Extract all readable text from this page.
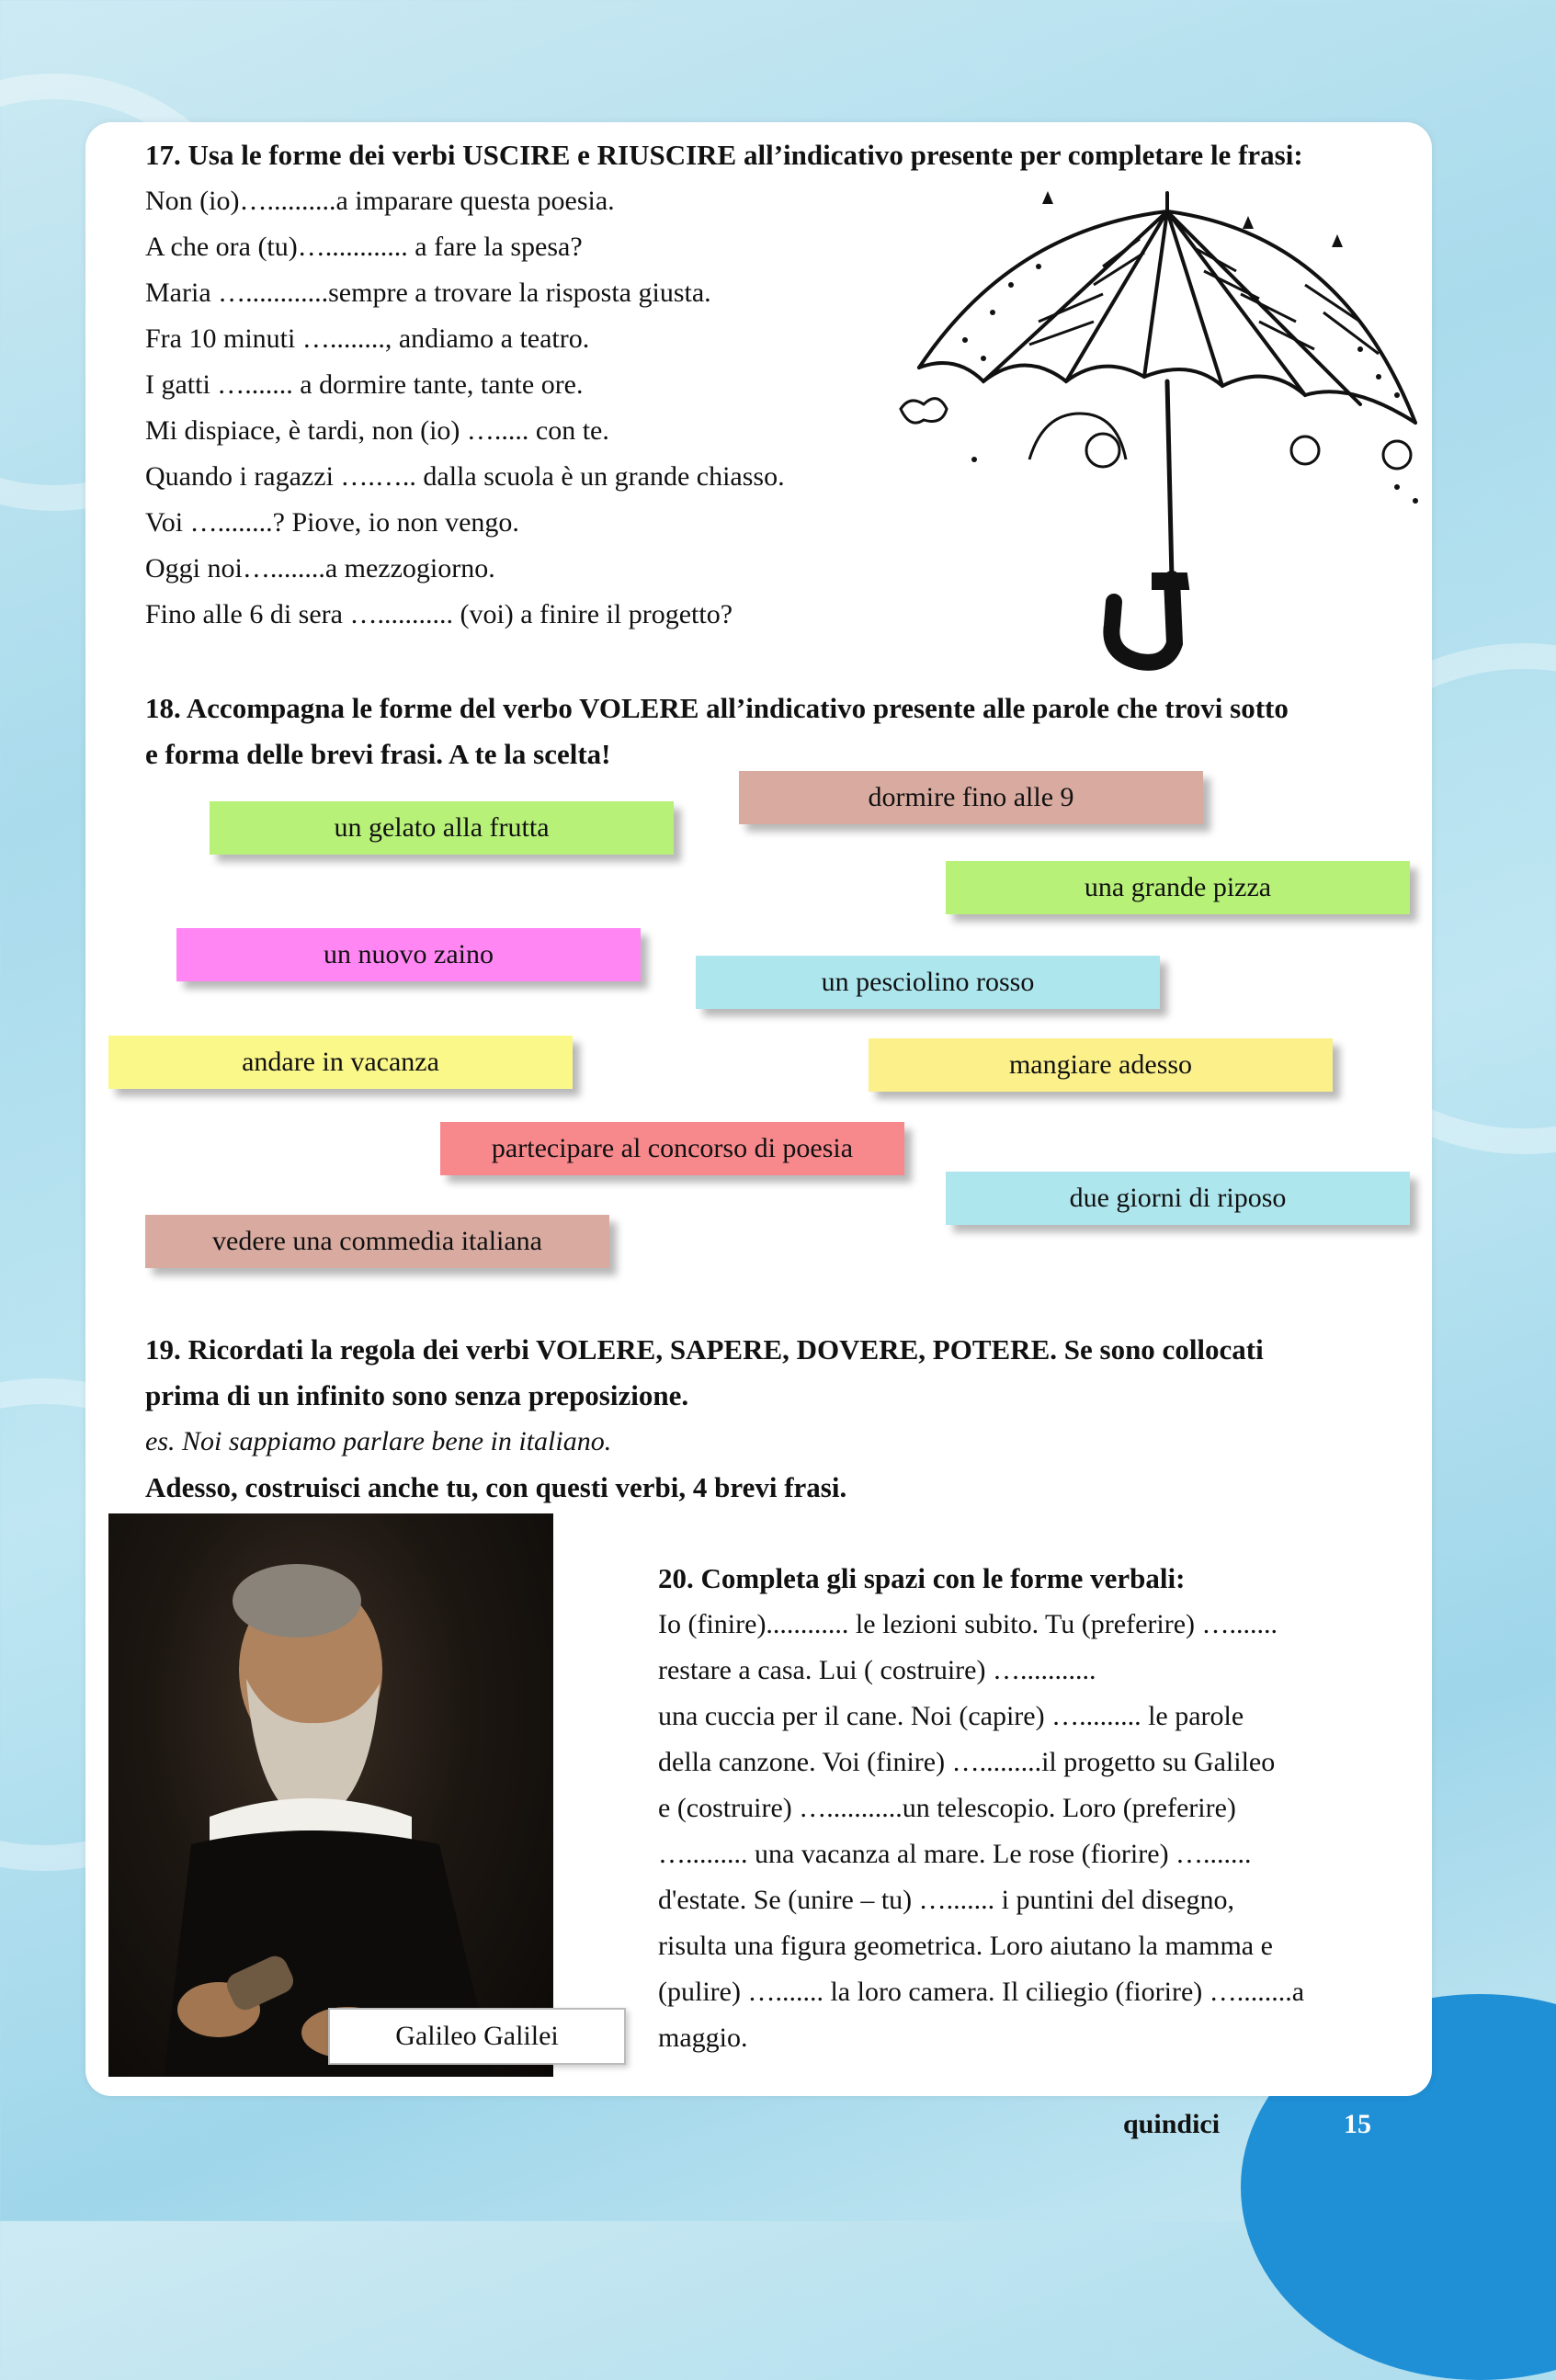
17. Usa le forme dei verbi USCIRE e RIUSCIRE all’indicativo presente per completare le frasi:
Non (io)…..........a imparare questa poesia.
A che ora (tu)…............ a fare la spesa?
Maria …............sempre a trovare la risposta giusta.
Fra 10 minuti …........, andiamo a teatro.
I gatti …....... a dormire tante, tante ore.
Mi dispiace, è tardi, non (io) …..... con te.
Quando i ragazzi ….….. dalla scuola è un grande chiasso.
Voi …........? Piove, io non vengo.
Oggi noi…........a mezzogiorno.
Fino alle 6 di sera …........... (voi) a finire il progetto?
18. Accompagna le forme del verbo VOLERE all’indicativo presente alle parole che trovi sotto
e forma delle brevi frasi. A te la scelta!
dormire fino alle 9
un gelato alla frutta
una grande pizza
un nuovo zaino
un pesciolino rosso
andare in vacanza	mangiare adesso
partecipare al concorso di poesia
due giorni di riposo
vedere una commedia italiana
19. Ricordati la regola dei verbi VOLERE, SAPERE, DOVERE, POTERE. Se sono collocati
prima di un infinito sono senza preposizione.
es. Noi sappiamo parlare bene in italiano.
Adesso, costruisci anche tu, con questi verbi, 4 brevi frasi.
Galileo Galilei
20. Completa gli spazi con le forme verbali:
Io (finire)............ le lezioni subito. Tu (preferire) ….......
restare a casa. Lui ( costruire) …...........
una cuccia per il cane. Noi (capire) …......... le parole
della canzone. Voi (finire) ….........il progetto su Galileo
e (costruire) …...........un telescopio. Loro (preferire)
…......... una vacanza al mare. Le rose (fiorire) ….......
d'estate. Se (unire – tu) …....... i puntini del disegno,
risulta una figura geometrica. Loro aiutano la mamma e
(pulire) …....... la loro camera. Il ciliegio (fiorire) …........a
maggio.
quindici	15
